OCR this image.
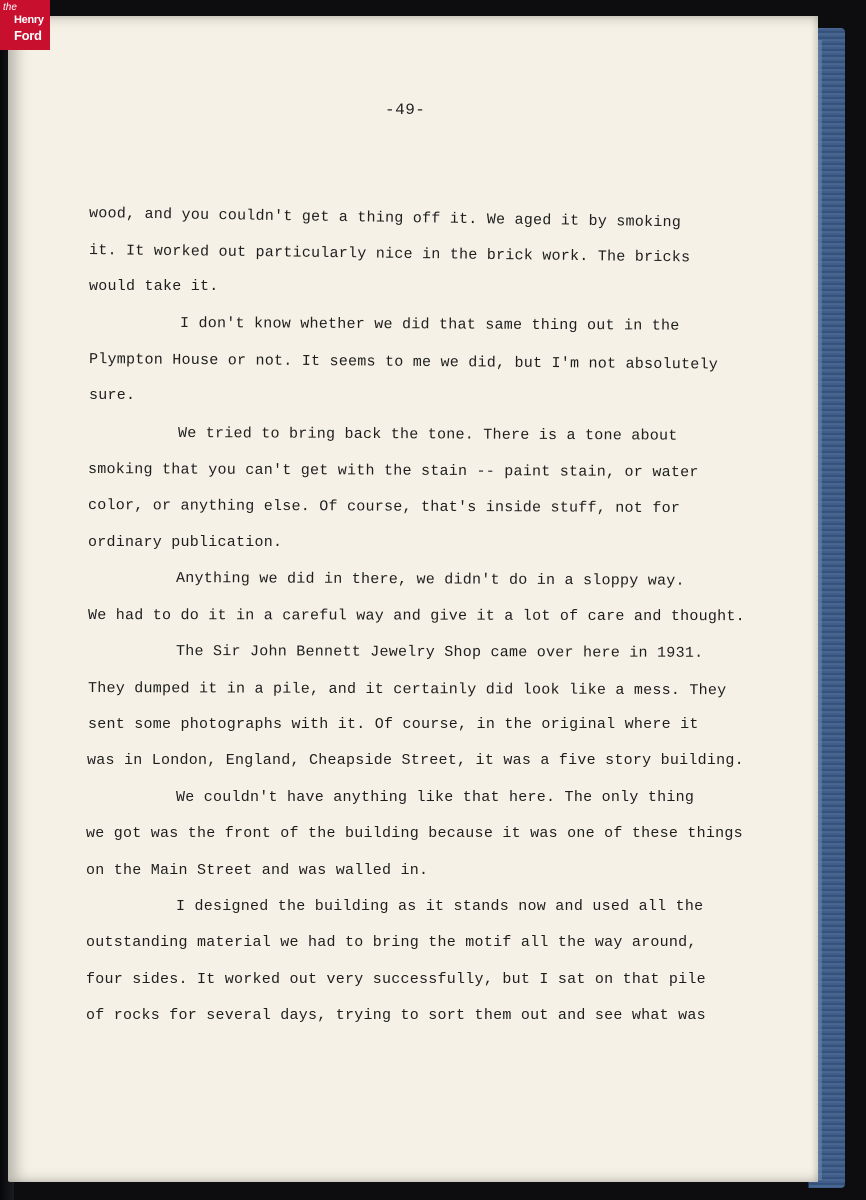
the
Henry
Ford
-49-
wood, and you couldn't get a thing off it. We aged it by smoking
it. It worked out particularly nice in the brick work. The bricks
would take it.
I don't know whether we did that same thing out in the
Plympton House or not. It seems to me we did, but I'm not absolutely
sure.
We tried to bring back the tone. There is a tone about
smoking that you can't get with the stain -- paint stain, or water
color, or anything else. Of course, that's inside stuff, not for
ordinary publication.
Anything we did in there, we didn't do in a sloppy way.
We had to do it in a careful way and give it a lot of care and thought.
The Sir John Bennett Jewelry Shop came over here in 1931.
They dumped it in a pile, and it certainly did look like a mess. They
sent some photographs with it. Of course, in the original where it
was in London, England, Cheapside Street, it was a five story building.
We couldn't have anything like that here. The only thing
we got was the front of the building because it was one of these things
on the Main Street and was walled in.
I designed the building as it stands now and used all the
outstanding material we had to bring the motif all the way around,
four sides. It worked out very successfully, but I sat on that pile
of rocks for several days, trying to sort them out and see what was
